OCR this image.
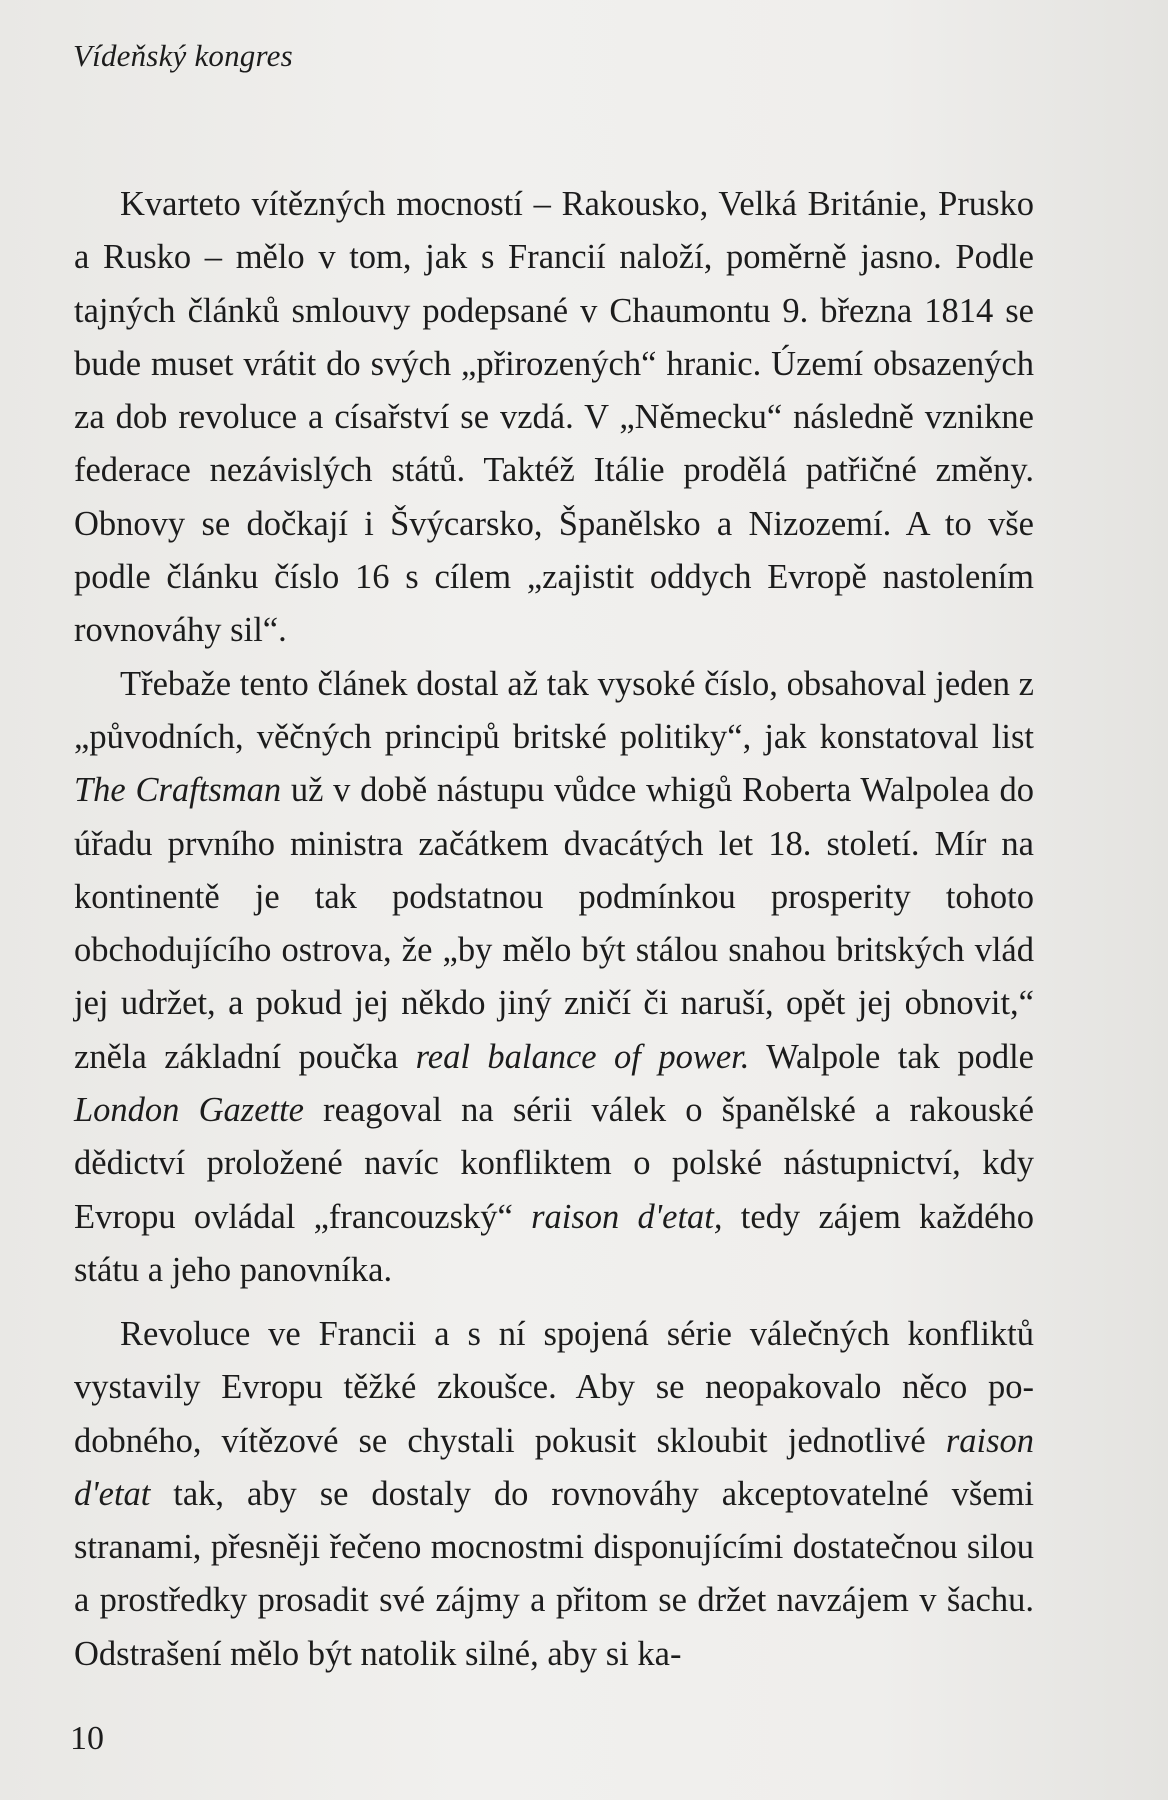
Vídeňský kongres

Kvarteto vítězných mocností – Rakousko, Velká Británie, Prusko a Rusko – mělo v tom, jak s Francií naloží, poměrně jasno. Podle tajných článků smlouvy podepsané v Chaumontu 9. března 1814 se bude muset vrátit do svých „přirozených“ hranic. Území obsazených za dob revoluce a císařství se vzdá. V „Německu“ následně vznikne federace nezávislých států. Taktéž Itálie prodělá patřičné změny. Obnovy se dočkají i Švýcarsko, Španělsko a Nizozemí. A to vše podle článku číslo 16 s cílem „zajistit oddych Evropě nastolením rovnováhy sil“.

Třebaže tento článek dostal až tak vysoké číslo, obsahoval jeden z „původních, věčných principů britské politiky“, jak konstatoval list The Craftsman už v době nástupu vůdce whigů Roberta Walpolea do úřadu prvního ministra začátkem dvacátých let 18. století. Mír na kontinentě je tak podstatnou podmínkou prosperity tohoto obchodujícího ostrova, že „by mělo být stálou snahou britských vlád jej udržet, a pokud jej někdo jiný zničí či naruší, opět jej obnovit,“ zněla základní poučka real balance of power. Walpole tak podle London Gazette reagoval na sérii válek o španělské a rakouské dědictví proložené navíc konfliktem o polské nástupnictví, kdy Evropu ovládal „francouzský“ raison d'etat, tedy zájem každého státu a jeho panovníka.

Revoluce ve Francii a s ní spojená série válečných konfliktů vystavily Evropu těžké zkoušce. Aby se neopakovalo něco podobného, vítězové se chystali pokusit skloubit jednotlivé raison d'etat tak, aby se dostaly do rovnováhy akceptovatelné všemi stranami, přesněji řečeno mocnostmi disponujícími dostatečnou silou a prostředky prosadit své zájmy a přitom se držet navzájem v šachu. Odstrašení mělo být natolik silné, aby si ka-

10
